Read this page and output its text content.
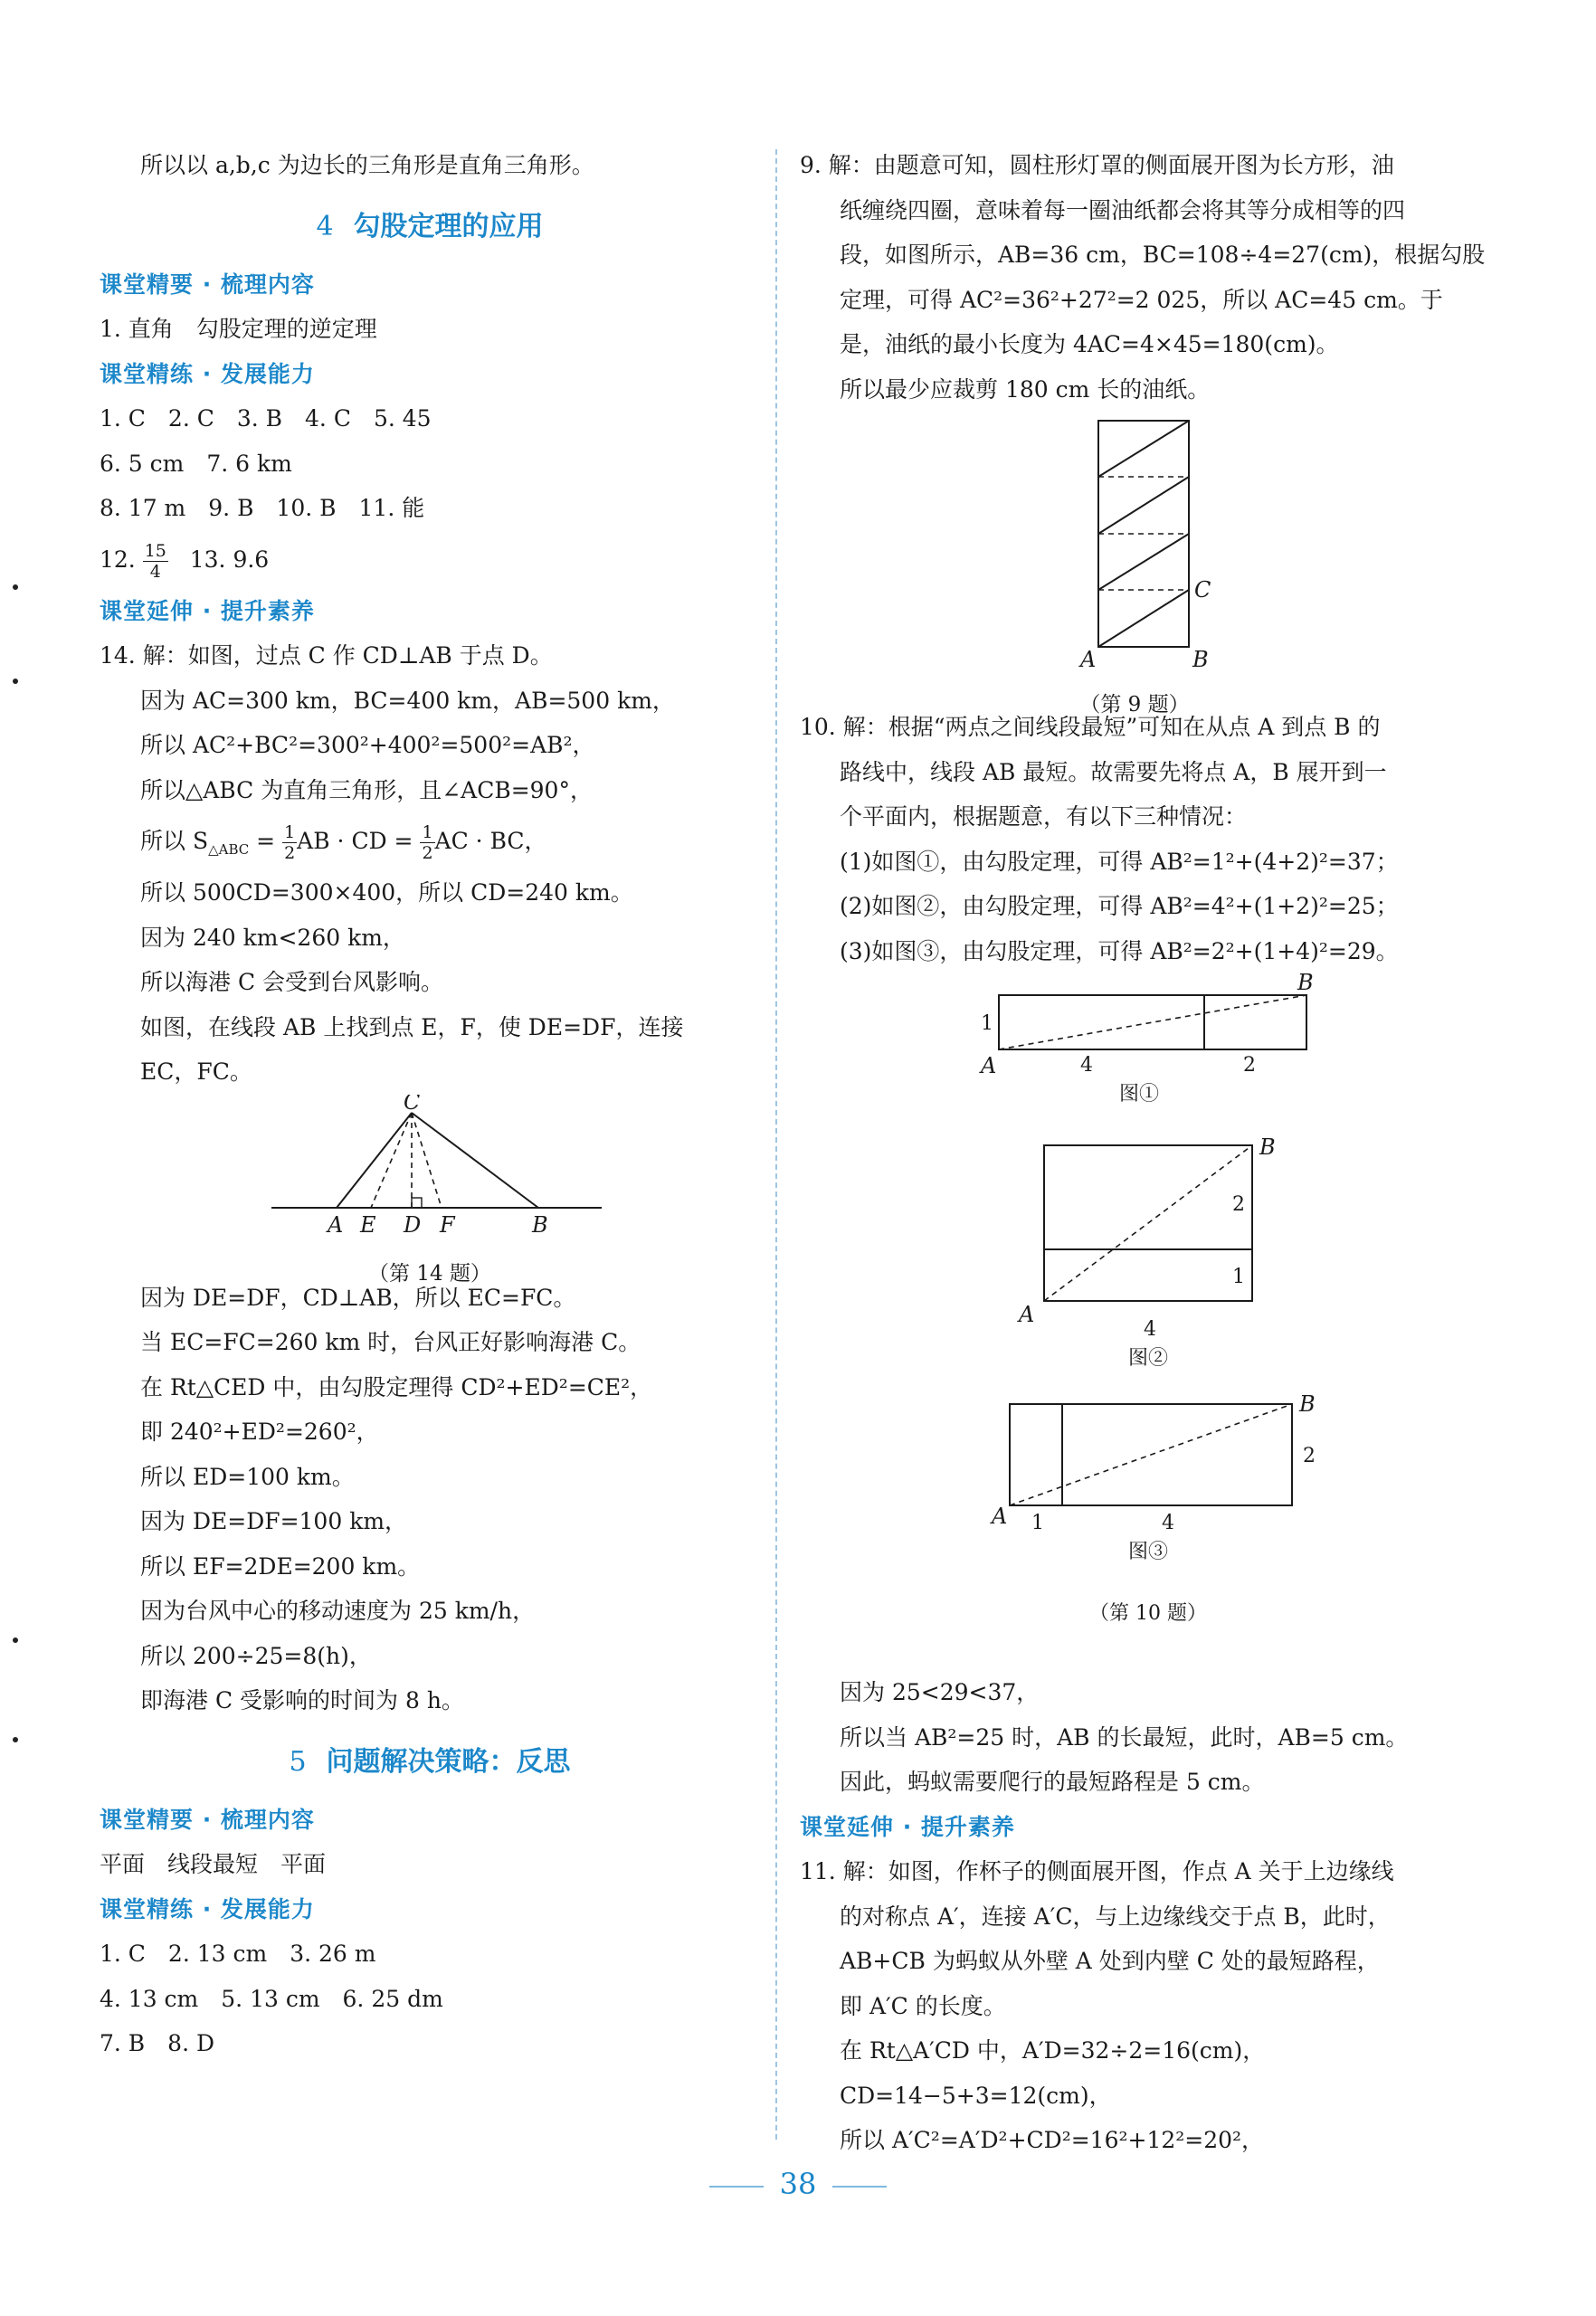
所以以 a,b,c 为边长的三角形是直角三角形。
4 勾股定理的应用
课堂精要 · 梳理内容
1. 直角　勾股定理的逆定理
课堂精练 · 发展能力
1. C　2. C　3. B　4. C　5. 45
6. 5 cm　7. 6 km
8. 17 m　9. B　10. B　11. 能
12. $\frac{15}{4} 13$. 9.6
课堂延伸 · 提升素养
14. 解：如图，过点 C 作 CD⊥AB 于点 D。
因为 AC=300 km，BC=400 km，AB=500 km，
所以 AC²+BC²=300²+400²=500²=AB²，
所以△ABC 为直角三角形，且∠ACB=90°，
所以 $S_{\triangle ABC} = \frac{1}{2}$ AB · CD = $\frac{1}{2}$ AC · BC，
所以 500CD=300×400，所以 CD=240 km。
因为 240 km<260 km，
所以海港 C 会受到台风影响。
如图，在线段 AB 上找到点 E，F，使 DE=DF，连接
EC，FC。
C
A E D F	B
（第 14 题）
因为 DE=DF，CD⊥AB，所以 EC=FC。
当 EC=FC=260 km 时，台风正好影响海港 C。
在 Rt△CED 中，由勾股定理得 CD²+ED²=CE²，
即 240²+ED²=260²，
所以 ED=100 km。
因为 DE=DF=100 km，
所以 EF=2DE=200 km。
因为台风中心的移动速度为 25 km/h，
所以 200÷25=8(h)，
即海港 C 受影响的时间为 8 h。
5 问题解决策略：反思
课堂精要 · 梳理内容
平面　线段最短　平面
课堂精练 · 发展能力
1. C　2. 13 cm　3. 26 m
4. 13 cm　5. 13 cm　6. 25 dm
7. B　8. D
9. 解：由题意可知，圆柱形灯罩的侧面展开图为长方形，油
纸缠绕四圈，意味着每一圈油纸都会将其等分成相等的四
段，如图所示，AB=36 cm，BC=108÷4=27(cm)，根据勾股
定理，可得 AC²=36²+27²=2 025，所以 AC=45 cm。于
是，油纸的最小长度为 4AC=4×45=180(cm)。
所以最少应裁剪 180 cm 长的油纸。
C
A	B
（第 9 题）
10. 解：根据“两点之间线段最短”可知在从点 A 到点 B 的
路线中，线段 AB 最短。故需要先将点 A，B 展开到一
个平面内，根据题意，有以下三种情况：
(1)如图①，由勾股定理，可得 AB²=1²+(4+2)²=37；
(2)如图②，由勾股定理，可得 AB²=4²+(1+2)²=25；
(3)如图③，由勾股定理，可得 AB²=2²+(1+4)²=29。
B
1
A	4	2
图①
B
2
1
A
4
图②
B
2
A 1	4
图③
（第 10 题）
因为 25<29<37，
所以当 AB²=25 时，AB 的长最短，此时，AB=5 cm。
因此，蚂蚁需要爬行的最短路程是 5 cm。
课堂延伸 · 提升素养
11. 解：如图，作杯子的侧面展开图，作点 A 关于上边缘线
的对称点 A′，连接 A′C，与上边缘线交于点 B，此时，
AB+CB 为蚂蚁从外壁 A 处到内壁 C 处的最短路程，
即 A′C 的长度。
在 Rt△A′CD 中，A′D=32÷2=16(cm)，
CD=14−5+3=12(cm)，
所以 A′C²=A′D²+CD²=16²+12²=20²，
38
